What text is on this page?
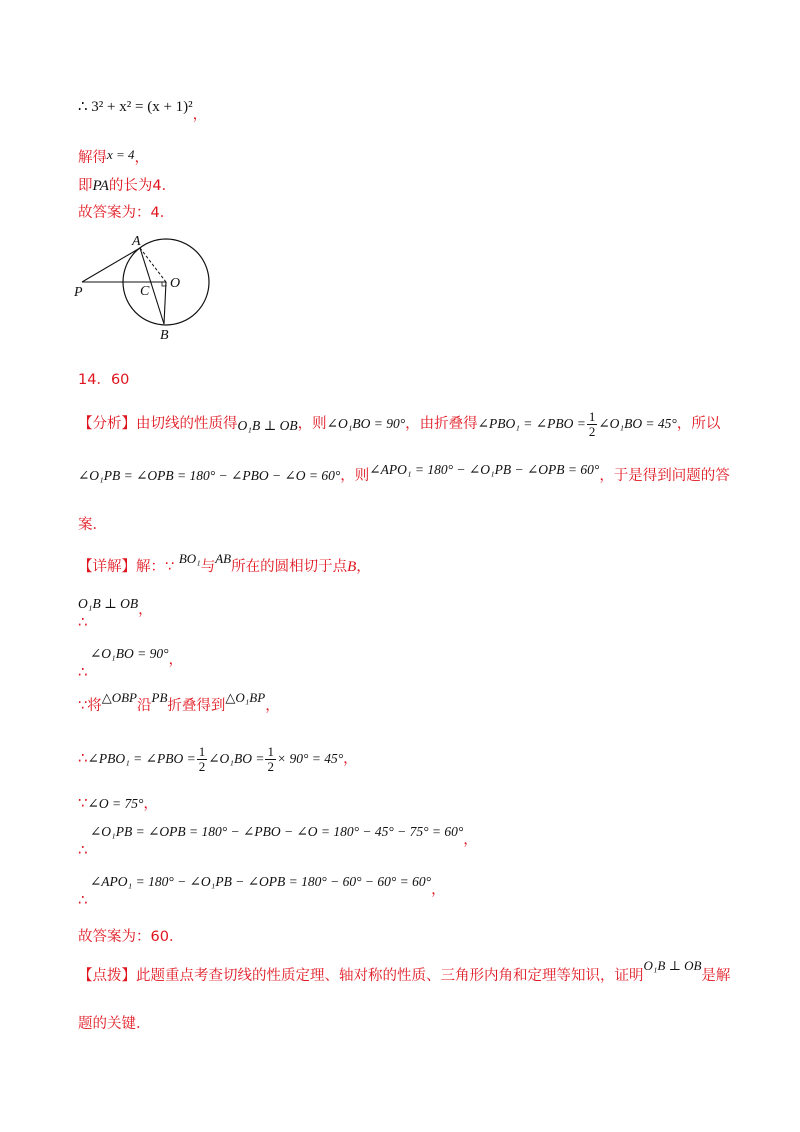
∴ 3² + x² = (x + 1)²，
解得x = 4，
即PA的长为4．
故答案为：4．
A
O
P	C
B
14．60
【分析】由切线的性质得O₁B ⊥ OB，则∠O₁BO = 90°，由折叠得∠PBO₁ = ∠PBO = $\frac{1}{2}$ ∠O₁BO = 45°，所以
∠O₁PB = ∠OPB = 180° − ∠PBO − ∠O = 60°，则∠APO₁ = 180° − ∠O₁PB − ∠OPB = 60°，于是得到问题的答
案．
【详解】解：∵ BO₁与AB所在的圆相切于点B，
O₁B ⊥ OB，
∴
∠O₁BO = 90°，
∴
∵将△OBP沿PB折叠得到△O₁BP，
∴∠PBO₁ = ∠PBO = $\frac{1}{2}$ ∠O₁BO = $\frac{1}{2} \times 90^\circ = 45^\circ$，
∵∠O = 75°，
∠O₁PB = ∠OPB = 180° − ∠PBO − ∠O = 180° − 45° − 75° = 60°，
∴
∠APO₁ = 180° − ∠O₁PB − ∠OPB = 180° − 60° − 60° = 60°，
∴
故答案为：60．
【点拨】此题重点考查切线的性质定理、轴对称的性质、三角形内角和定理等知识，证明O₁B ⊥ OB是解
题的关键．
